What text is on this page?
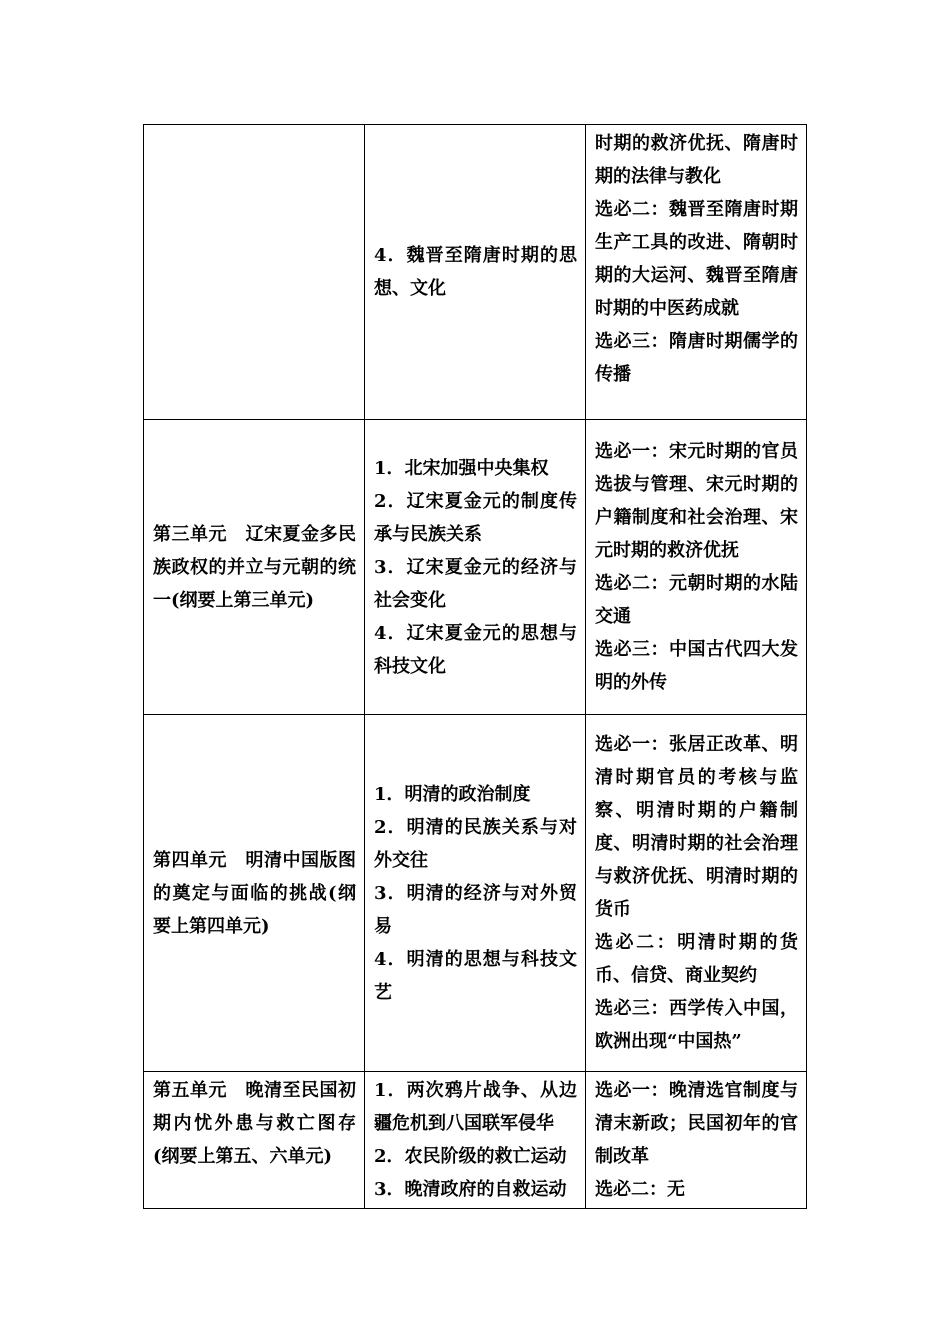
	4．魏晋至隋唐时期的思想、文化	时期的救济优抚、隋唐时期的法律与教化
选必二：魏晋至隋唐时期生产工具的改进、隋朝时期的大运河、魏晋至隋唐时期的中医药成就
选必三：隋唐时期儒学的传播

第三单元 辽宋夏金多民族政权的并立与元朝的统一(纲要上第三单元)	1．北宋加强中央集权
2．辽宋夏金元的制度传承与民族关系
3．辽宋夏金元的经济与社会变化
4．辽宋夏金元的思想与科技文化	选必一：宋元时期的官员选拔与管理、宋元时期的户籍制度和社会治理、宋元时期的救济优抚
选必二：元朝时期的水陆交通
选必三：中国古代四大发明的外传

第四单元 明清中国版图的奠定与面临的挑战(纲要上第四单元)	1．明清的政治制度
2．明清的民族关系与对外交往
3．明清的经济与对外贸易
4．明清的思想与科技文艺	选必一：张居正改革、明清时期官员的考核与监察、明清时期的户籍制度、明清时期的社会治理与救济优抚、明清时期的货币
选必二：明清时期的货币、信贷、商业契约
选必三：西学传入中国，欧洲出现“中国热”

第五单元 晚清至民国初期内忧外患与救亡图存(纲要上第五、六单元)	1．两次鸦片战争、从边疆危机到八国联军侵华
2．农民阶级的救亡运动
3．晚清政府的自救运动	选必一：晚清选官制度与清末新政；民国初年的官制改革
选必二：无
